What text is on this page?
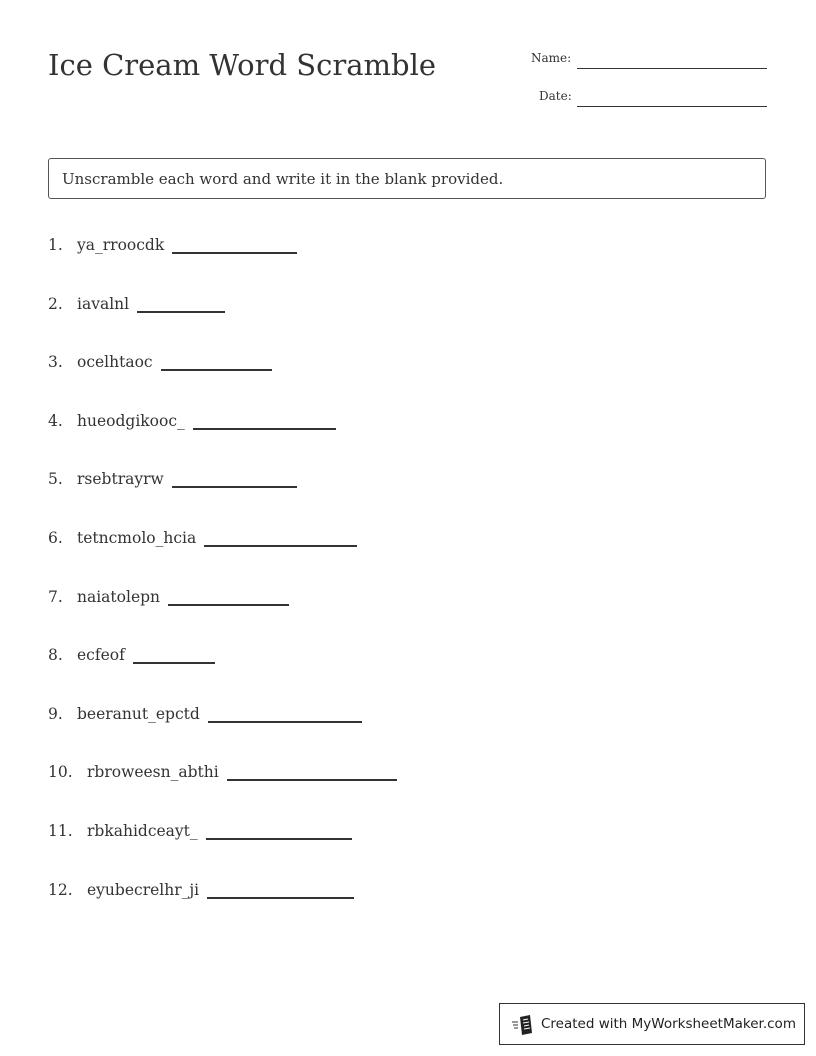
Ice Cream Word Scramble	Name:
Date:
Unscramble each word and write it in the blank provided.
1. ya_rroocdk
2. iavalnl
3. ocelhtaoc
4. hueodgikooc_
5. rsebtrayrw
6. tetncmolo_hcia
7. naiatolepn
8. ecfeof
9. beeranut_epctd
10. rbroweesn_abthi
11. rbkahidceayt_
12. eyubecrelhr_ji
Created with MyWorksheetMaker.com
